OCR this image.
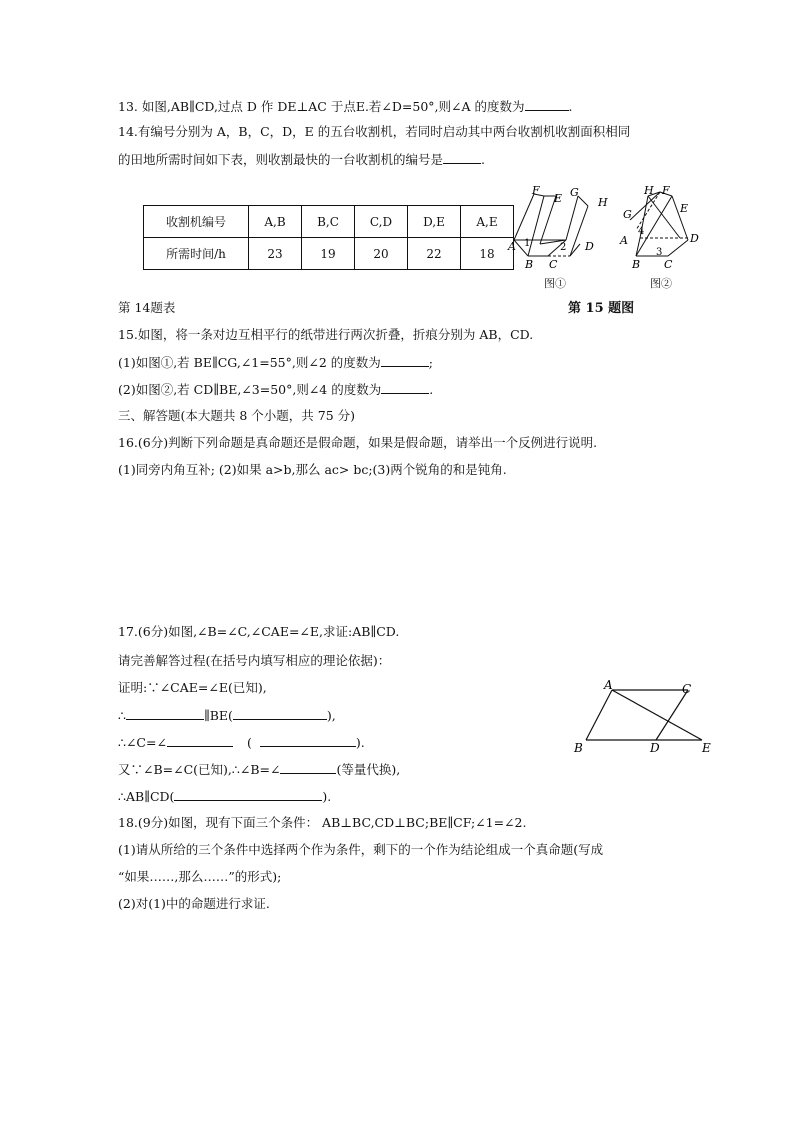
13. 如图,AB∥CD,过点 D 作 DE⊥AC 于点E.若∠D=50°,则∠A 的度数为	.
14.有编号分别为 A，B，C，D，E 的五台收割机，若同时启动其中两台收割机收割面积相同
的田地所需时间如下表，则收割最快的一台收割机的编号是	.
收割机编号	A,B	B,C	C,D	D,E	A,E
所需时间/h	23	19	20	22	18
F
E G
H
A
B C
D
1	2
图①
H F
G	E
A	D
B C
3
4
图②
第 15 题图
第 14题表
15.如图，将一条对边互相平行的纸带进行两次折叠，折痕分别为 AB，CD.
(1)如图①,若 BE∥CG,∠1=55°,则∠2 的度数为	;
(2)如图②,若 CD∥BE,∠3=50°,则∠4 的度数为	.
三、解答题(本大题共 8 个小题，共 75 分)
16.(6分)判断下列命题是真命题还是假命题，如果是假命题，请举出一个反例进行说明.
(1)同旁内角互补; (2)如果 a>b,那么 ac> bc;(3)两个锐角的和是钝角.
17.(6分)如图,∠B=∠C,∠CAE=∠E,求证:AB∥CD.
请完善解答过程(在括号内填写相应的理论依据)：
证明:∵∠CAE=∠E(已知),
∴	∥BE(	),
∴∠C=∠	(	).
又∵∠B=∠C(已知),∴∠B=∠	(等量代换),
∴AB∥CD(	).
A	C
B	D	E
18.(9分)如图，现有下面三个条件： AB⊥BC,CD⊥BC;BE∥CF;∠1=∠2.
(1)请从所给的三个条件中选择两个作为条件，剩下的一个作为结论组成一个真命题(写成
“如果……,那么……”的形式);
(2)对(1)中的命题进行求证.
